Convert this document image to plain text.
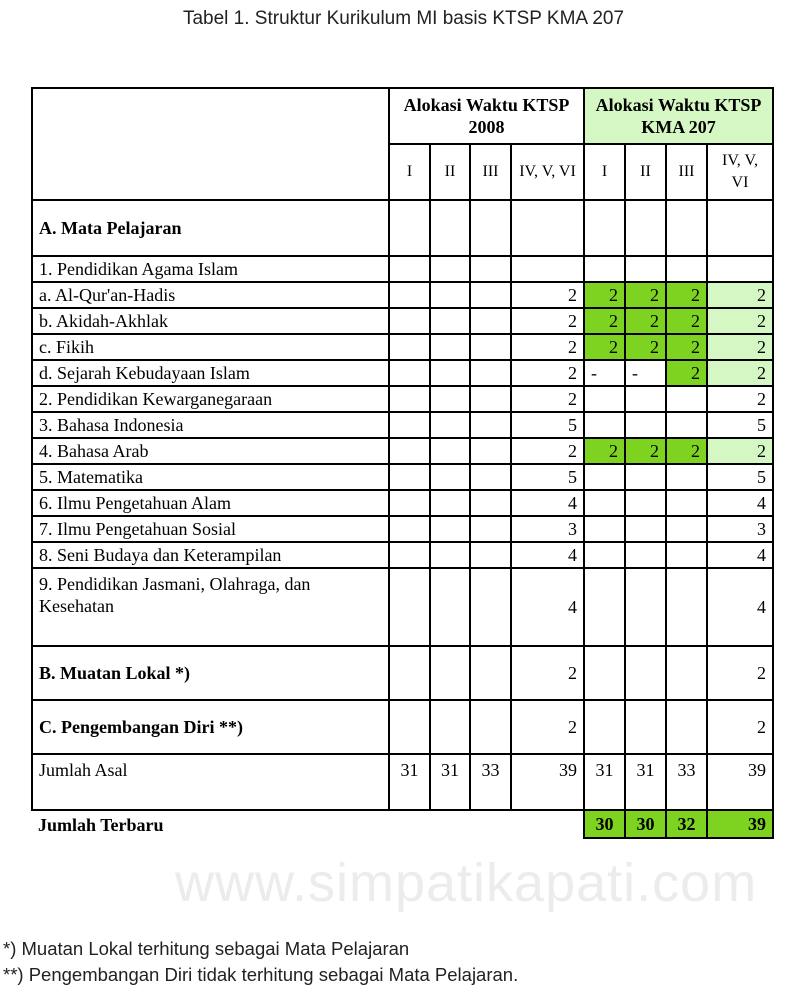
Tabel 1. Struktur Kurikulum MI basis KTSP KMA 207
	Alokasi Waktu KTSP 2008				Alokasi Waktu KTSP KMA 207			
	I	II	III	IV, V, VI	I	II	III	IV, V, VI
A. Mata Pelajaran								
1. Pendidikan Agama Islam								
a. Al-Qur'an-Hadis				2	2	2	2	2
b. Akidah-Akhlak				2	2	2	2	2
c. Fikih				2	2	2	2	2
d. Sejarah Kebudayaan Islam				2	-	-	2	2
2. Pendidikan Kewarganegaraan				2				2
3. Bahasa Indonesia				5				5
4. Bahasa Arab				2	2	2	2	2
5. Matematika				5				5
6. Ilmu Pengetahuan Alam				4				4
7. Ilmu Pengetahuan Sosial				3				3
8. Seni Budaya dan Keterampilan				4				4
9. Pendidikan Jasmani, Olahraga, dan Kesehatan				4				4
B. Muatan Lokal *)				2				2
C. Pengembangan Diri **)				2				2
Jumlah Asal	31	31	33	39	31	31	33	39
Jumlah Terbaru					30	30	32	39
www.simpatikapati.com
*) Muatan Lokal terhitung sebagai Mata Pelajaran
**) Pengembangan Diri tidak terhitung sebagai Mata Pelajaran.
